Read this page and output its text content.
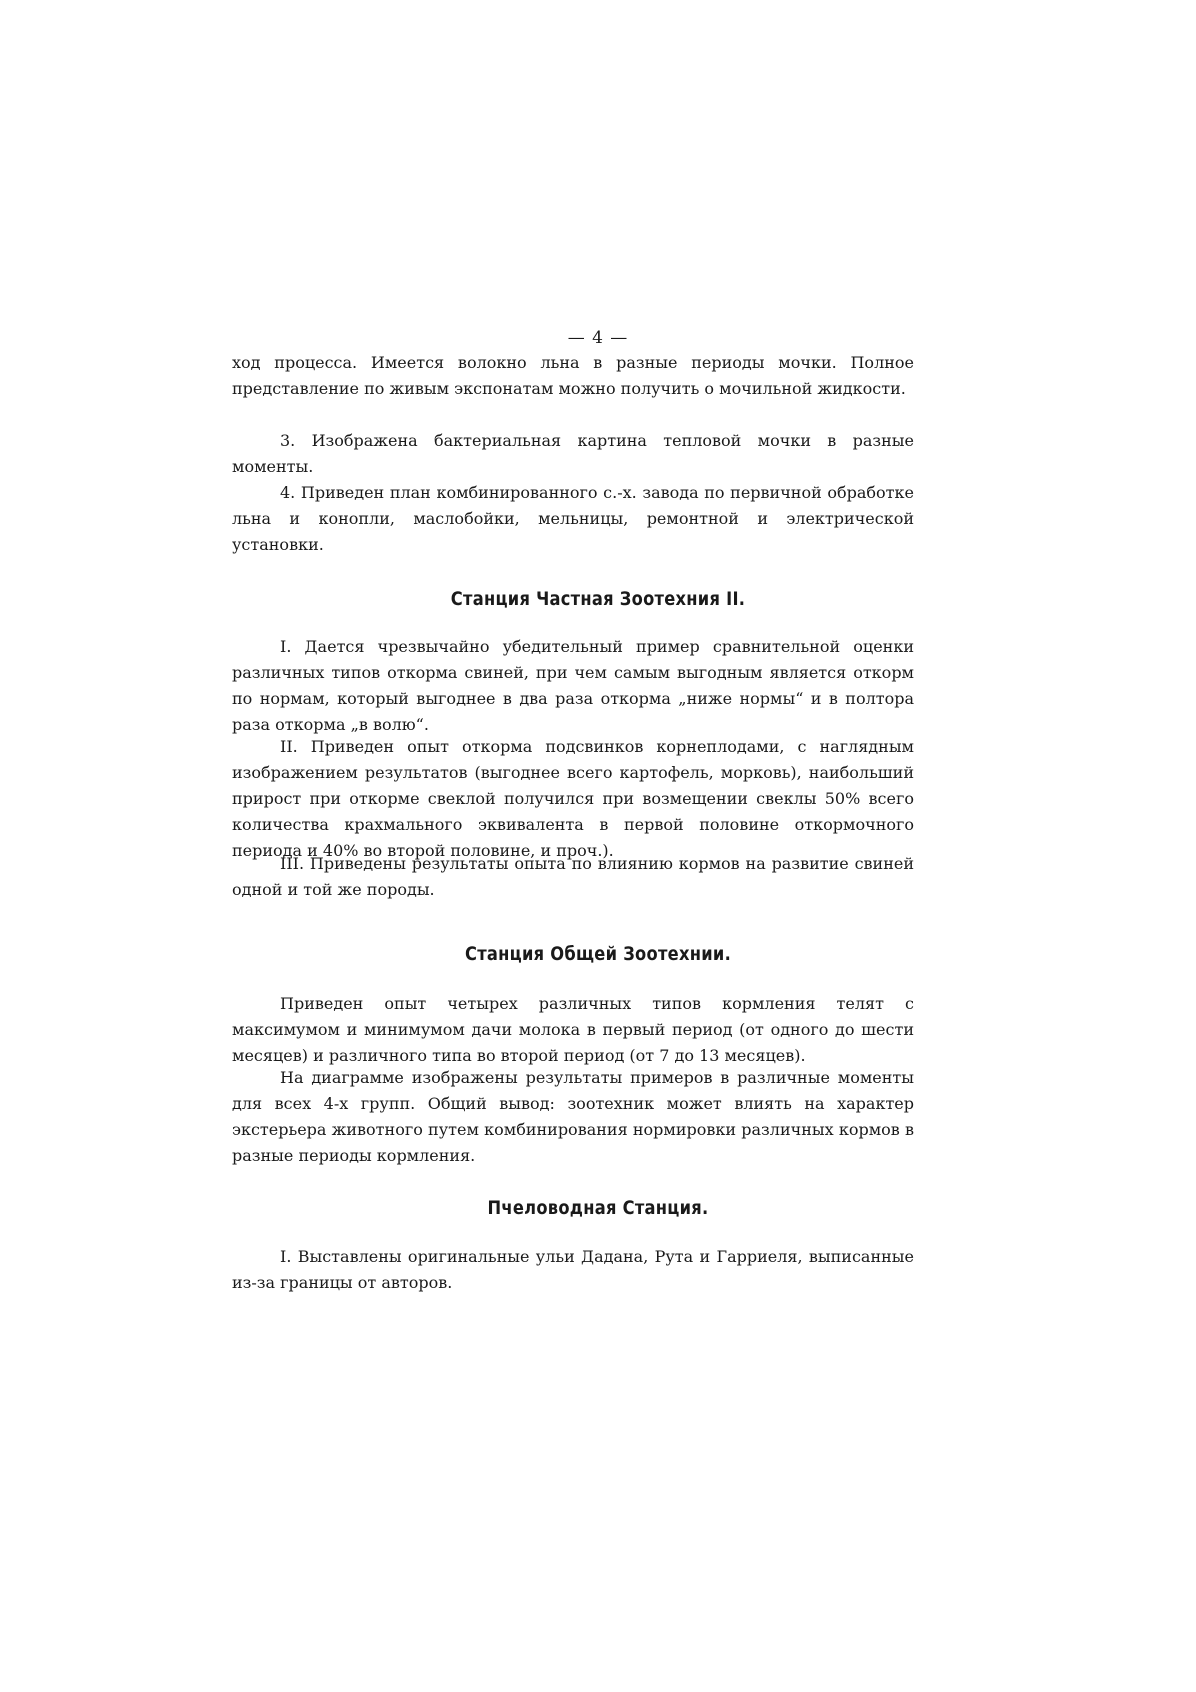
— 4 —

ход процесса. Имеется волокно льна в разные периоды мочки. Полное представление по живым экспонатам можно получить о мочильной жидкости.

3. Изображена бактериальная картина тепловой мочки в разные моменты.

4. Приведен план комбинированного с.-х. завода по первичной обработке льна и конопли, маслобойки, мельницы, ремонтной и электрической установки.

Станция Частная Зоотехния II.

I. Дается чрезвычайно убедительный пример сравнительной оценки различных типов откорма свиней, при чем самым выгодным является откорм по нормам, который выгоднее в два раза откорма „ниже нормы“ и в полтора раза откорма „в волю“.

II. Приведен опыт откорма подсвинков корнеплодами, с наглядным изображением результатов (выгоднее всего картофель, морковь), наибольший прирост при откорме свеклой получился при возмещении свеклы 50% всего количества крахмального эквивалента в первой половине откормочного периода и 40% во второй половине, и проч.).

III. Приведены результаты опыта по влиянию кормов на развитие свиней одной и той же породы.

Станция Общей Зоотехнии.

Приведен опыт четырех различных типов кормления телят с максимумом и минимумом дачи молока в первый период (от одного до шести месяцев) и различного типа во второй период (от 7 до 13 месяцев).

На диаграмме изображены результаты примеров в различные моменты для всех 4-х групп. Общий вывод: зоотехник может влиять на характер экстерьера животного путем комбинирования нормировки различных кормов в разные периоды кормления.

Пчеловодная Станция.

I. Выставлены оригинальные ульи Дадана, Рута и Гарриеля, выписанные из-за границы от авторов.
